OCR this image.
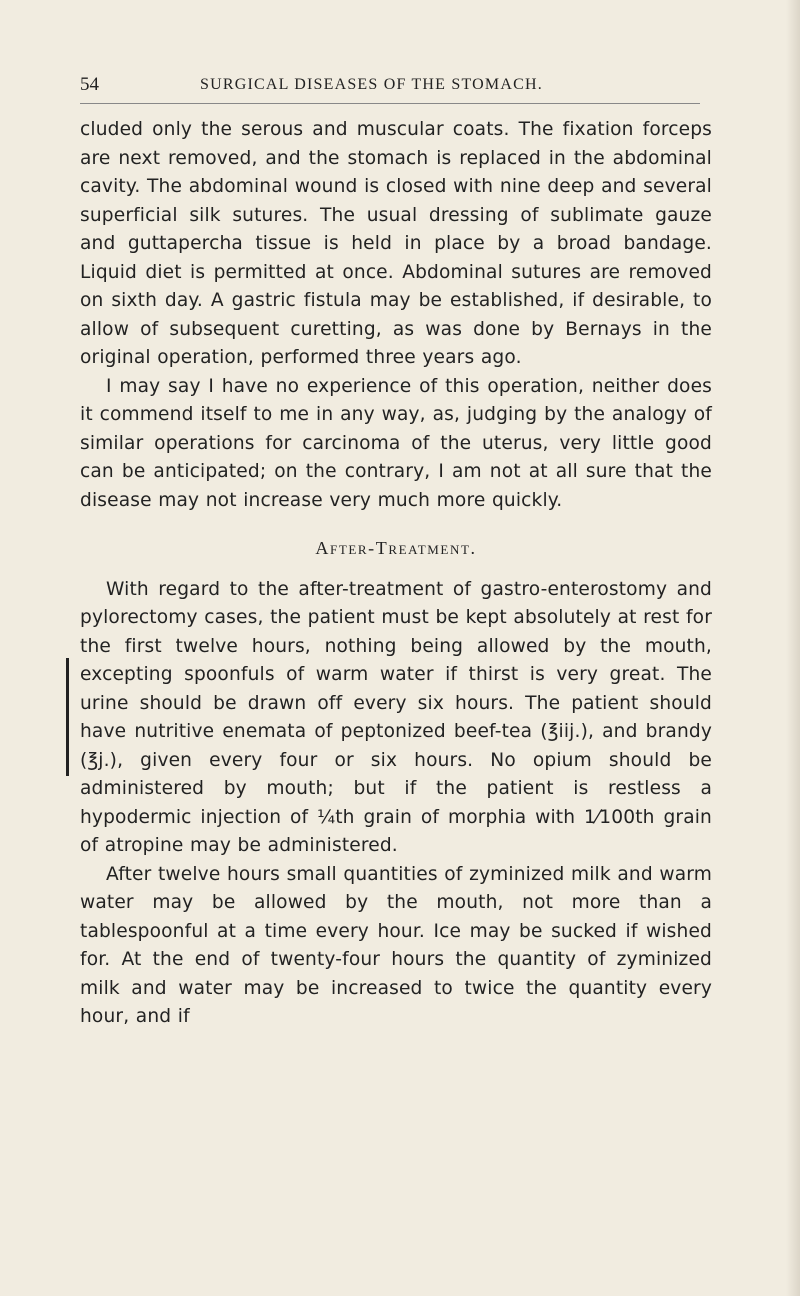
54	SURGICAL DISEASES OF THE STOMACH.

cluded only the serous and muscular coats. The fixation forceps are next removed, and the stomach is replaced in the abdominal cavity. The abdominal wound is closed with nine deep and several superficial silk sutures. The usual dressing of sublimate gauze and guttapercha tissue is held in place by a broad bandage. Liquid diet is permitted at once. Abdominal sutures are removed on sixth day. A gastric fistula may be established, if desirable, to allow of subsequent curetting, as was done by Bernays in the original operation, performed three years ago.

I may say I have no experience of this operation, neither does it commend itself to me in any way, as, judging by the analogy of similar operations for carcinoma of the uterus, very little good can be anticipated; on the contrary, I am not at all sure that the disease may not increase very much more quickly.

After-Treatment.

With regard to the after-treatment of gastro-enterostomy and pylorectomy cases, the patient must be kept absolutely at rest for the first twelve hours, nothing being allowed by the mouth, excepting spoonfuls of warm water if thirst is very great. The urine should be drawn off every six hours. The patient should have nutritive enemata of peptonized beef-tea (℥iij.), and brandy (℥j.), given every four or six hours. No opium should be administered by mouth; but if the patient is restless a hypodermic injection of ¼th grain of morphia with 1⁄100th grain of atropine may be administered.

After twelve hours small quantities of zyminized milk and warm water may be allowed by the mouth, not more than a tablespoonful at a time every hour. Ice may be sucked if wished for. At the end of twenty-four hours the quantity of zyminized milk and water may be increased to twice the quantity every hour, and if
